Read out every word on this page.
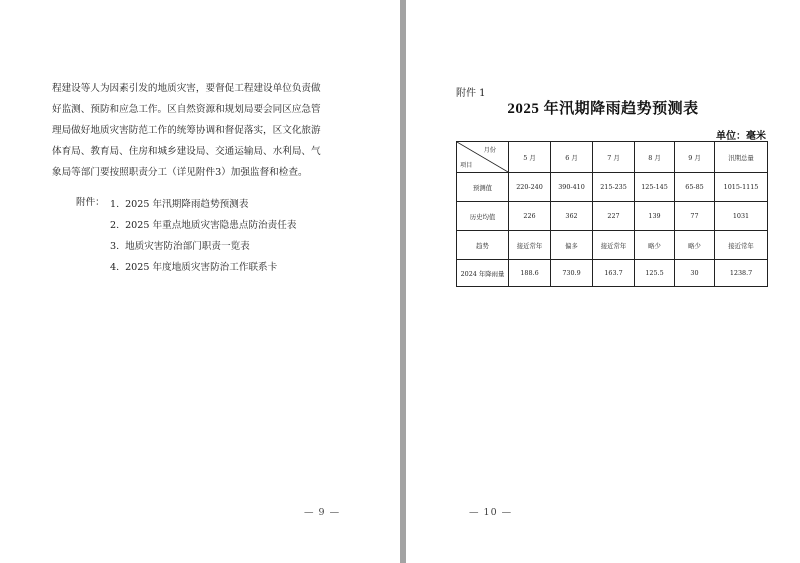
程建设等人为因素引发的地质灾害，要督促工程建设单位负责做
好监测、预防和应急工作。区自然资源和规划局要会同区应急管
理局做好地质灾害防范工作的统筹协调和督促落实，区文化旅游
体育局、教育局、住房和城乡建设局、交通运输局、水利局、气
象局等部门要按照职责分工（详见附件3）加强监督和检查。

附件： 1. 2025 年汛期降雨趋势预测表
2. 2025 年重点地质灾害隐患点防治责任表
3. 地质灾害防治部门职责一览表
4. 2025 年度地质灾害防治工作联系卡
— 9 —
附件 1
2025 年汛期降雨趋势预测表
单位：毫米
月份
项目	5 月	6 月	7 月	8 月	9 月	汛期总量
预测值	220-240	390-410	215-235	125-145	65-85	1015-1115
历史均值	226	362	227	139	77	1031
趋势	接近常年	偏多	接近常年	略少	略少	接近常年
2024 年降雨量	188.6	730.9	163.7	125.5	30	1238.7
— 10 —
